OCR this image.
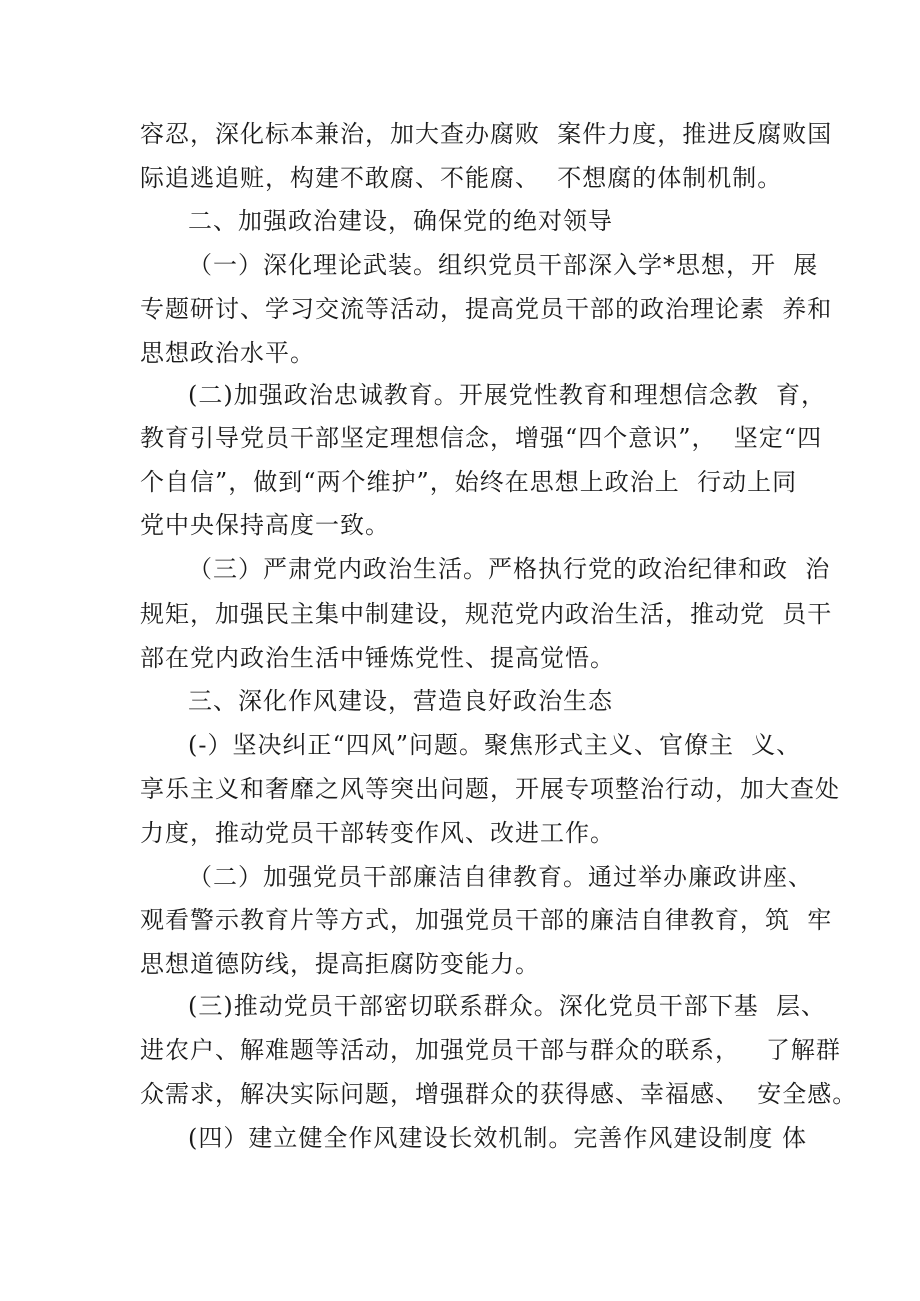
容忍，深化标本兼治，加大查办腐败  案件力度，推进反腐败国
际追逃追赃，构建不敢腐、不能腐、  不想腐的体制机制。
二、加强政治建设，确保党的绝对领导
（一）深化理论武装。组织党员干部深入学*思想，开  展
专题研讨、学习交流等活动，提高党员干部的政治理论素  养和
思想政治水平。
(二)加强政治忠诚教育。开展党性教育和理想信念教  育，
教育引导党员干部坚定理想信念，增强“四个意识”，  坚定“四
个自信”，做到“两个维护”，始终在思想上政治上  行动上同
党中央保持高度一致。
（三）严肃党内政治生活。严格执行党的政治纪律和政  治
规矩，加强民主集中制建设，规范党内政治生活，推动党  员干
部在党内政治生活中锤炼党性、提高觉悟。
三、深化作风建设，营造良好政治生态
(-）坚决纠正“四风”问题。聚焦形式主义、官僚主  义、
享乐主义和奢靡之风等突出问题，开展专项整治行动，加大查处
力度，推动党员干部转变作风、改进工作。
（二）加强党员干部廉洁自律教育。通过举办廉政讲座、
观看警示教育片等方式，加强党员干部的廉洁自律教育，筑  牢
思想道德防线，提高拒腐防变能力。
(三)推动党员干部密切联系群众。深化党员干部下基  层、
进农户、解难题等活动，加强党员干部与群众的联系，   了解群
众需求，解决实际问题，增强群众的获得感、幸福感、  安全感。
(四）建立健全作风建设长效机制。完善作风建设制度 体
